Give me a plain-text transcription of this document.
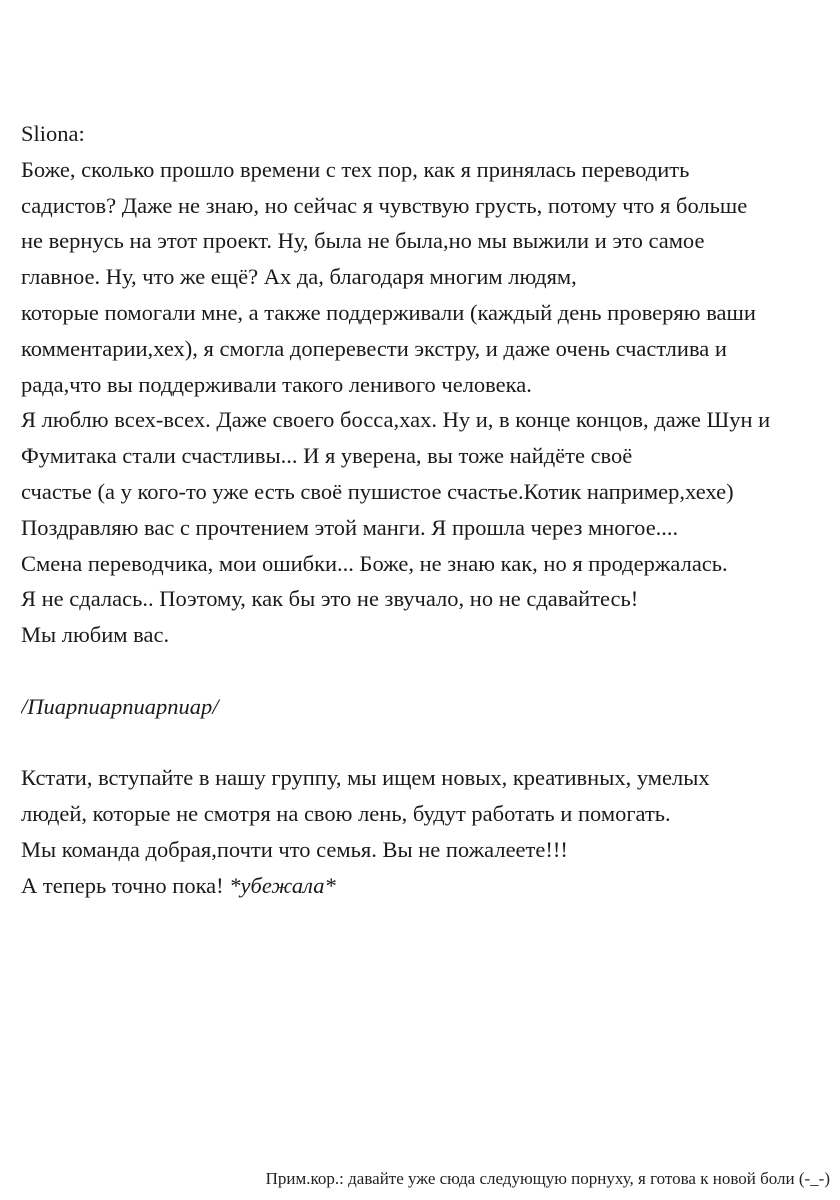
Sliona:
Боже, сколько прошло времени с тех пор, как я принялась переводить
садистов? Даже не знаю, но сейчас я чувствую грусть, потому что я больше
не вернусь на этот проект. Ну, была не была,но мы выжили и это самое
главное. Ну, что же ещё? Ах да, благодаря многим людям,
которые помогали мне, а также поддерживали (каждый день проверяю ваши
комментарии,хех), я смогла доперевести экстру, и даже очень счастлива и
рада,что вы поддерживали такого ленивого человека.
Я люблю всех-всех. Даже своего босса,хах. Ну и, в конце концов, даже Шун и
Фумитака стали счастливы... И я уверена, вы тоже найдёте своё
счастье (а у кого-то уже есть своё пушистое счастье.Котик например,хехе)
Поздравляю вас с прочтением этой манги. Я прошла через многое....
Смена переводчика, мои ошибки... Боже, не знаю как, но я продержалась.
Я не сдалась.. Поэтому, как бы это не звучало, но не сдавайтесь!
Мы любим вас.
/Пиарпиарпиарпиар/
Кстати, вступайте в нашу группу, мы ищем новых, креативных, умелых
людей, которые не смотря на свою лень, будут работать и помогать.
Мы команда добрая,почти что семья. Вы не пожалеете!!!
А теперь точно пока! *убежала*
Прим.кор.: давайте уже сюда следующую порнуху, я готова к новой боли (-_-)
